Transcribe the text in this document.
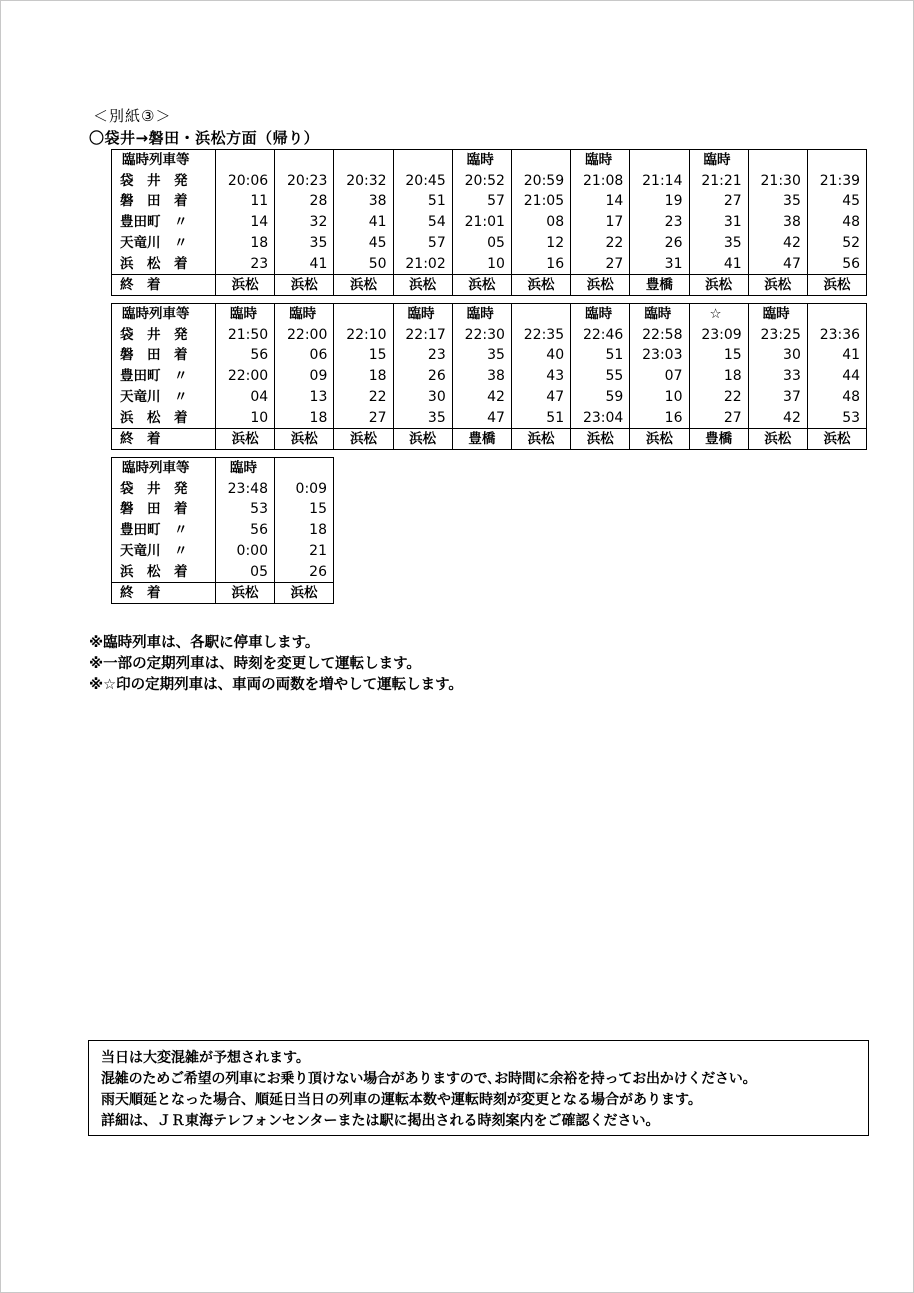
＜別紙③＞
〇袋井→磐田・浜松方面（帰り）
臨時列車等					臨時		臨時		臨時		
袋　井　発	20:06	20:23	20:32	20:45	20:52	20:59	21:08	21:14	21:21	21:30	21:39
磐　田　着	11	28	38	51	57	21:05	14	19	27	35	45
豊田町　〃	14	32	41	54	21:01	08	17	23	31	38	48
天竜川　〃	18	35	45	57	05	12	22	26	35	42	52
浜　松　着	23	41	50	21:02	10	16	27	31	41	47	56
終　着	浜松	浜松	浜松	浜松	浜松	浜松	浜松	豊橋	浜松	浜松	浜松
臨時列車等	臨時	臨時		臨時	臨時		臨時	臨時	☆	臨時	
袋　井　発	21:50	22:00	22:10	22:17	22:30	22:35	22:46	22:58	23:09	23:25	23:36
磐　田　着	56	06	15	23	35	40	51	23:03	15	30	41
豊田町　〃	22:00	09	18	26	38	43	55	07	18	33	44
天竜川　〃	04	13	22	30	42	47	59	10	22	37	48
浜　松　着	10	18	27	35	47	51	23:04	16	27	42	53
終　着	浜松	浜松	浜松	浜松	豊橋	浜松	浜松	浜松	豊橋	浜松	浜松
臨時列車等	臨時	
袋　井　発	23:48	0:09
磐　田　着	53	15
豊田町　〃	56	18
天竜川　〃	0:00	21
浜　松　着	05	26
終　着	浜松	浜松
※臨時列車は、各駅に停車します。
※一部の定期列車は、時刻を変更して運転します。
※☆印の定期列車は、車両の両数を増やして運転します。
当日は大変混雑が予想されます。
混雑のためご希望の列車にお乗り頂けない場合がありますので､お時間に余裕を持ってお出かけください。
雨天順延となった場合、順延日当日の列車の運転本数や運転時刻が変更となる場合があります。
詳細は、ＪＲ東海テレフォンセンターまたは駅に掲出される時刻案内をご確認ください。
